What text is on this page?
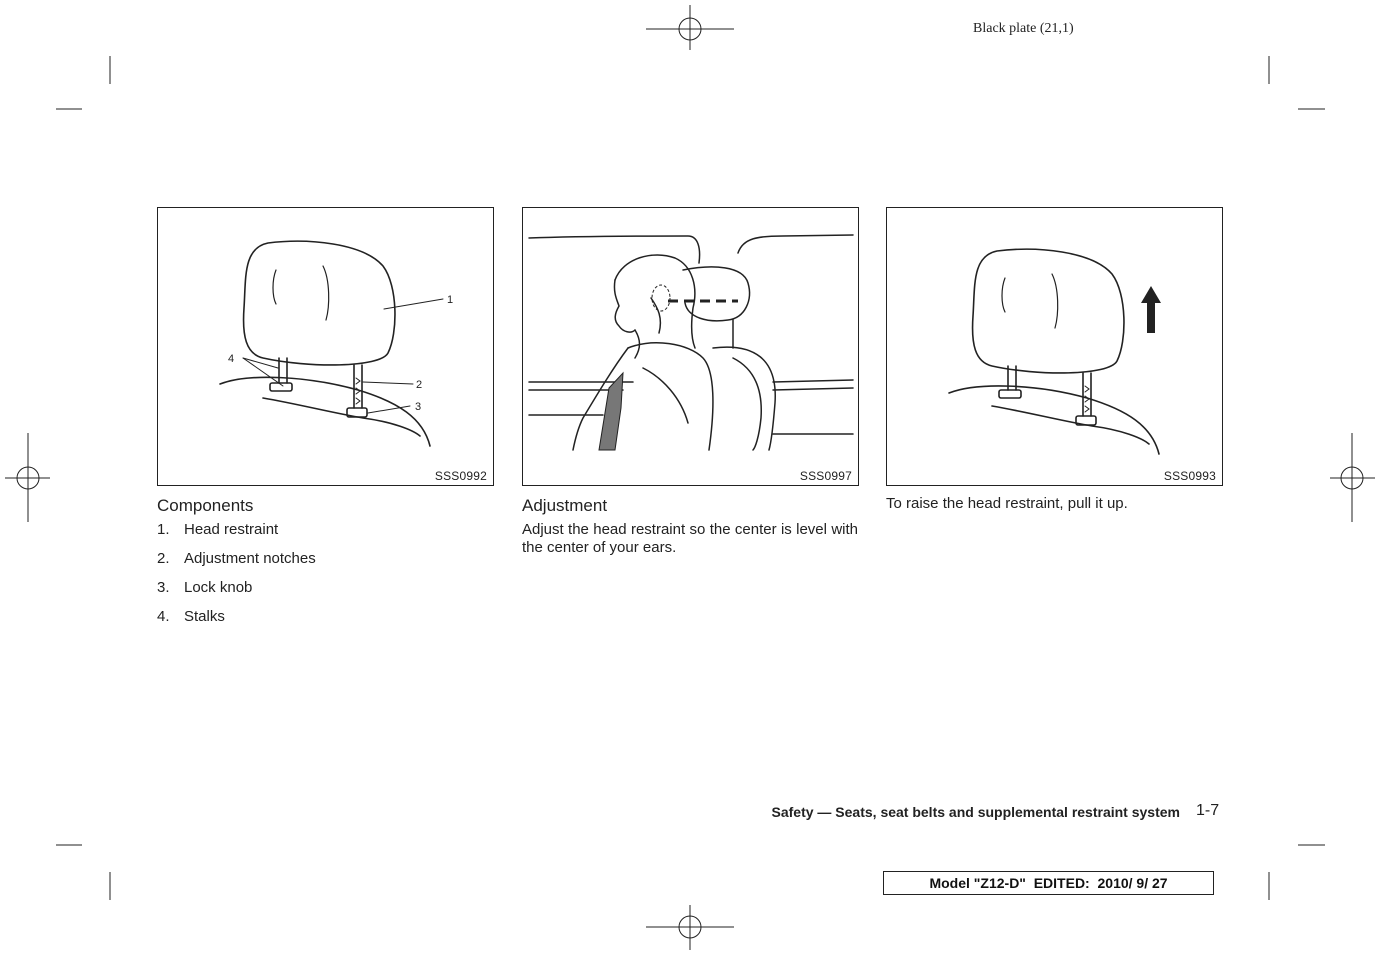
Black plate (21,1)
1
2
3
4
SSS0992	SSS0997	SSS0993
Components
1. Head restraint
2. Adjustment notches
3. Lock knob
4. Stalks
Adjustment
Adjust the head restraint so the center is level with the center of your ears.
To raise the head restraint, pull it up.
Safety — Seats, seat belts and supplemental restraint system 1-7
Model "Z12-D"  EDITED:  2010/ 9/ 27
